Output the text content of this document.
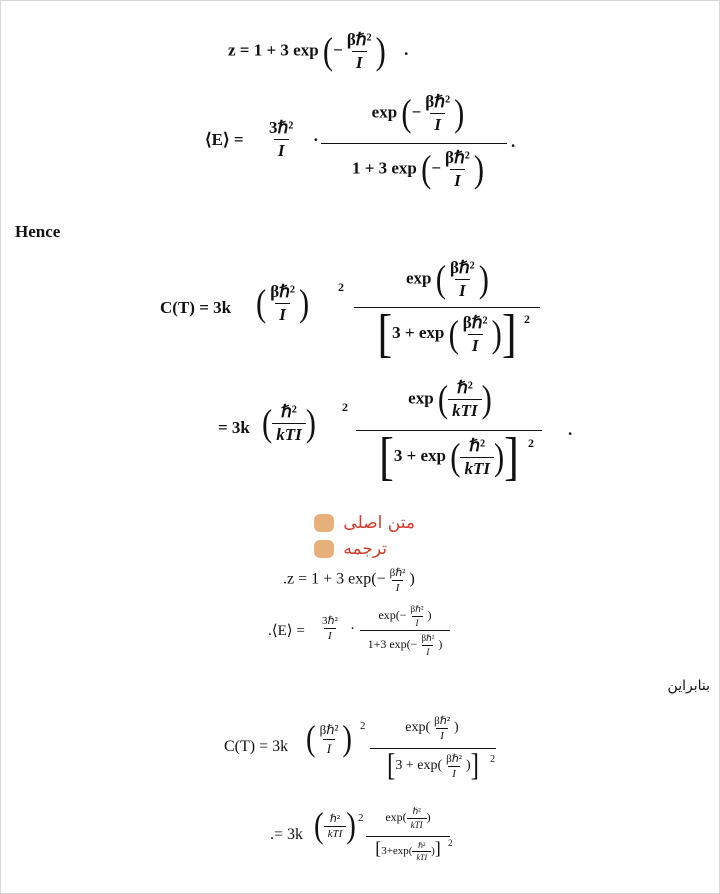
z = 1 + 3 exp (− $\frac{\text{βℏ²}}{I}$ ) .
⟨E⟩ =
3ℏ²
I
·
exp (− $\frac{\text{βℏ²}}{I}$ )
1 + 3 exp (− $\frac{\text{βℏ²}}{I}$ )
.
Hence
C(T) = 3k ( $\frac{\text{βℏ²}}{I}$ ) 2	exp ( $\frac{\text{βℏ²}}{I}$ )
[3 + exp ( $\frac{\text{βℏ²}}{I}$ )] 2
= 3k ( $\frac{\text{ℏ²}}{\text{kTI}}$ ) 2	exp ( $\frac{\text{ℏ²}}{\text{kTI}}$ )
[3 + exp ( $\frac{\text{ℏ²}}{\text{kTI}}$ )] 2
.
متن اصلی
ترجمه
.z = 1 + 3 $\exp(- \frac{\text{βℏ²}}{I}$ )
.⟨E⟩ =
3ℏ²
I ·
$\exp(- \frac{\text{βℏ²}}{I}$ )
1+3 $\exp(- \frac{\text{βℏ²}}{I}$ )
بنابراین
C(T) = 3k ( $\frac{\text{βℏ²}}{I}$ ) 2	$\exp( \frac{\text{βℏ²}}{I}$ )
[$3 + \exp( \frac{\text{βℏ²}}{I}$ )]	2
.= 3k ( $\frac{\text{ℏ²}}{\text{kTI}}$ ) 2	$\exp( \frac{\text{ℏ²}}{\text{kTI}}$ )
[$3+\exp( \frac{\text{ℏ²}}{\text{kTI}}$ )] 2
